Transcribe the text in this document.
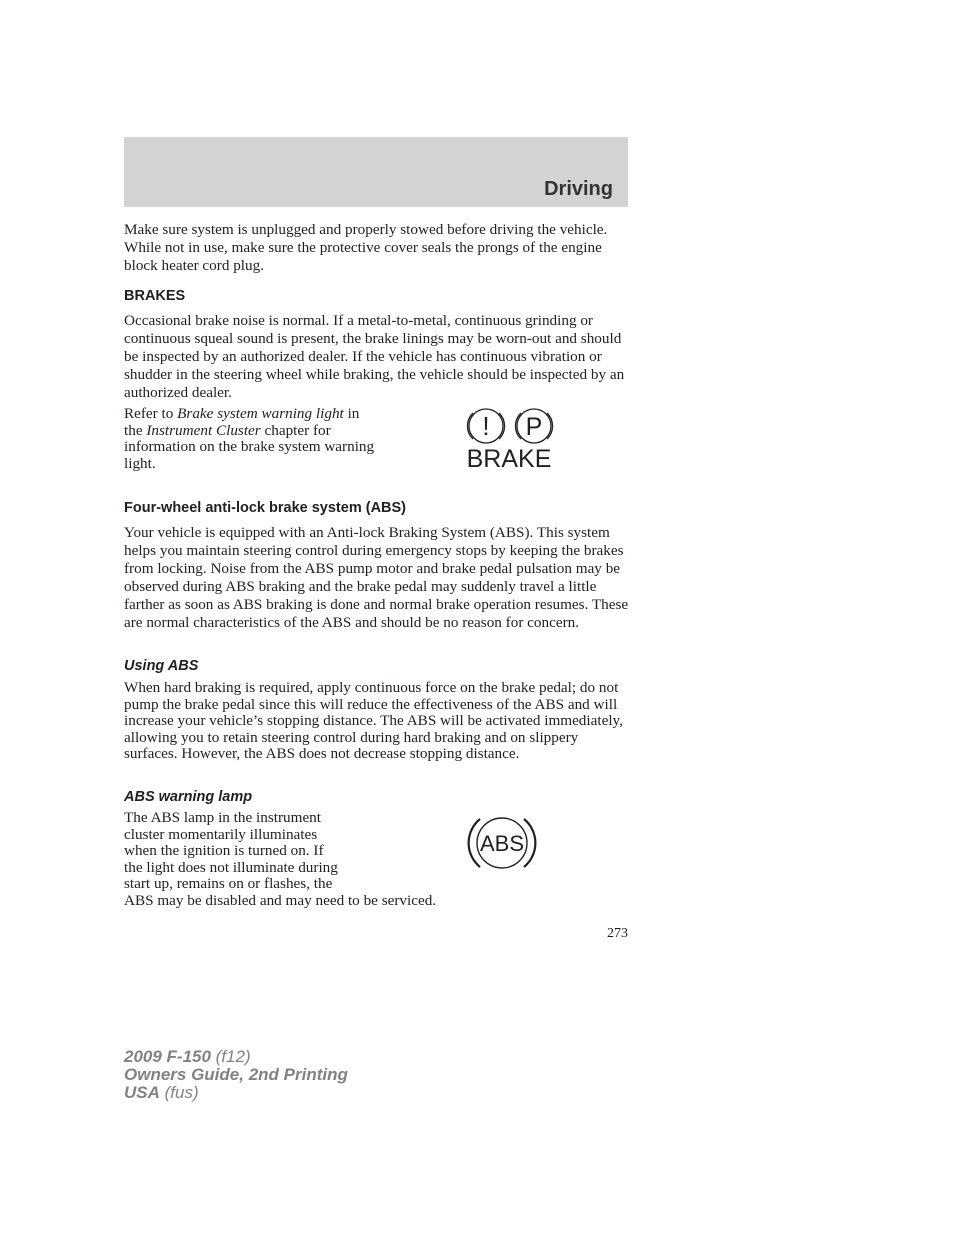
Driving

Make sure system is unplugged and properly stowed before driving the vehicle. While not in use, make sure the protective cover seals the prongs of the engine block heater cord plug.

BRAKES

Occasional brake noise is normal. If a metal-to-metal, continuous grinding or continuous squeal sound is present, the brake linings may be worn-out and should be inspected by an authorized dealer. If the vehicle has continuous vibration or shudder in the steering wheel while braking, the vehicle should be inspected by an authorized dealer.

Refer to Brake system warning light in the Instrument Cluster chapter for information on the brake system warning light.

! P
BRAKE

Four-wheel anti-lock brake system (ABS)

Your vehicle is equipped with an Anti-lock Braking System (ABS). This system helps you maintain steering control during emergency stops by keeping the brakes from locking. Noise from the ABS pump motor and brake pedal pulsation may be observed during ABS braking and the brake pedal may suddenly travel a little farther as soon as ABS braking is done and normal brake operation resumes. These are normal characteristics of the ABS and should be no reason for concern.

Using ABS

When hard braking is required, apply continuous force on the brake pedal; do not pump the brake pedal since this will reduce the effectiveness of the ABS and will increase your vehicle’s stopping distance. The ABS will be activated immediately, allowing you to retain steering control during hard braking and on slippery surfaces. However, the ABS does not decrease stopping distance.

ABS warning lamp

The ABS lamp in the instrument
cluster momentarily illuminates
when the ignition is turned on. If
the light does not illuminate during
start up, remains on or flashes, the
ABS may be disabled and may need to be serviced.
ABS
273
2009 F-150 (f12)
Owners Guide, 2nd Printing
USA (fus)
